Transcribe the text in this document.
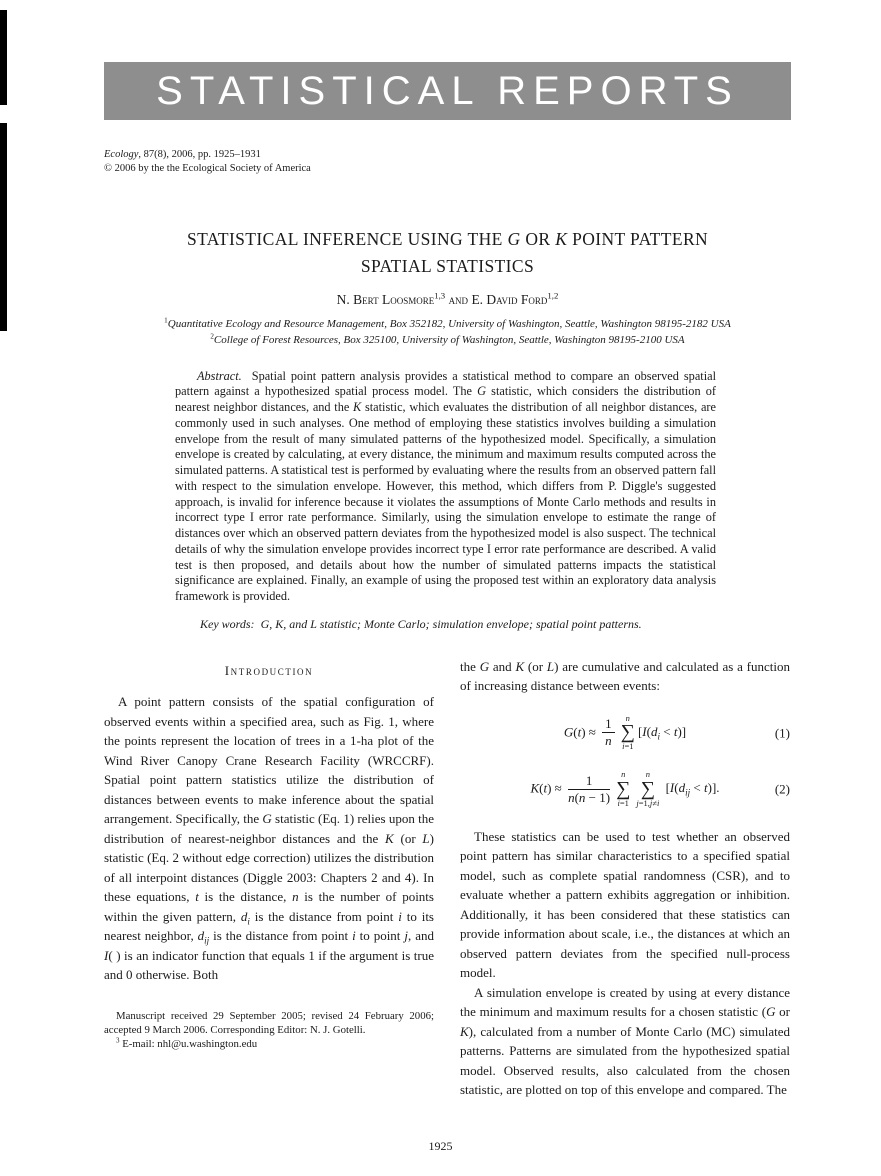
STATISTICAL REPORTS
Ecology, 87(8), 2006, pp. 1925–1931
© 2006 by the the Ecological Society of America
STATISTICAL INFERENCE USING THE G OR K POINT PATTERN
SPATIAL STATISTICS
N. Bert Loosmore$^{1,3}$ and E. David Ford$^{1,2}$
$^1$Quantitative Ecology and Resource Management, Box 352182, University of Washington, Seattle, Washington 98195-2182 USA
$^2$College of Forest Resources, Box 325100, University of Washington, Seattle, Washington 98195-2100 USA

Abstract.  Spatial point pattern analysis provides a statistical method to compare an observed spatial pattern against a hypothesized spatial process model. The G statistic, which considers the distribution of nearest neighbor distances, and the K statistic, which evaluates the distribution of all neighbor distances, are commonly used in such analyses. One method of employing these statistics involves building a simulation envelope from the result of many simulated patterns of the hypothesized model. Specifically, a simulation envelope is created by calculating, at every distance, the minimum and maximum results computed across the simulated patterns. A statistical test is performed by evaluating where the results from an observed pattern fall with respect to the simulation envelope. However, this method, which differs from P. Diggle's suggested approach, is invalid for inference because it violates the assumptions of Monte Carlo methods and results in incorrect type I error rate performance. Similarly, using the simulation envelope to estimate the range of distances over which an observed pattern deviates from the hypothesized model is also suspect. The technical details of why the simulation envelope provides incorrect type I error rate performance are described. A valid test is then proposed, and details about how the number of simulated patterns impacts the statistical significance are explained. Finally, an example of using the proposed test within an exploratory data analysis framework is provided.

Key words:  G, K, and L statistic; Monte Carlo; simulation envelope; spatial point patterns.

Introduction

A point pattern consists of the spatial configuration of observed events within a specified area, such as Fig. 1, where the points represent the location of trees in a 1-ha plot of the Wind River Canopy Crane Research Facility (WRCCRF). Spatial point pattern statistics utilize the distribution of distances between events to make inference about the spatial arrangement. Specifically, the G statistic (Eq. 1) relies upon the distribution of nearest-neighbor distances and the K (or L) statistic (Eq. 2 without edge correction) utilizes the distribution of all interpoint distances (Diggle 2003: Chapters 2 and 4). In these equations, t is the distance, n is the number of points within the given pattern, $d_i$ is the distance from point i to its nearest neighbor, $d_{ij}$ is the distance from point i to point j, and I( ) is an indicator function that equals 1 if the argument is true and 0 otherwise. Both

Manuscript received 29 September 2005; revised 24 February 2006; accepted 9 March 2006. Corresponding Editor: N. J. Gotelli.
$^3$ E-mail: nhl@u.washington.edu

the G and K (or L) are cumulative and calculated as a function of increasing distance between events:

$G(t) \approx \frac{1}{n}$ n
∑
i=1
$[I(d_i < t)]$	(1)
$K(t) \approx \frac{1}{n(n - 1)}$ n
∑
i=1
n
∑
j=1,j≠i
$[I(d_{ij} < t)]$.	(2)

These statistics can be used to test whether an observed point pattern has similar characteristics to a specified spatial model, such as complete spatial randomness (CSR), and to evaluate whether a pattern exhibits aggregation or inhibition. Additionally, it has been considered that these statistics can provide information about scale, i.e., the distances at which an observed pattern deviates from the specified null-process model.

A simulation envelope is created by using at every distance the minimum and maximum results for a chosen statistic (G or K), calculated from a number of Monte Carlo (MC) simulated patterns. Patterns are simulated from the hypothesized spatial model. Observed results, also calculated from the chosen statistic, are plotted on top of this envelope and compared. The

1925
